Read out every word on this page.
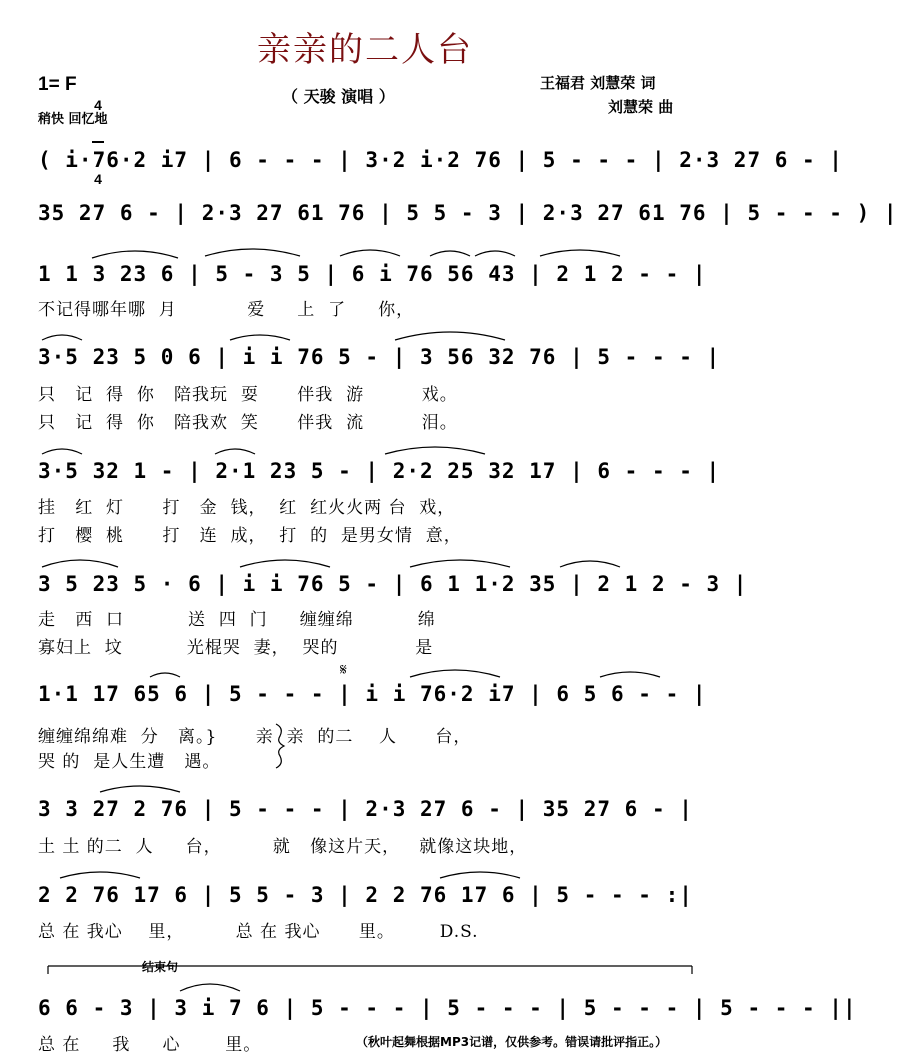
亲亲的二人台
1= F

4

4

稍快 回忆地
（ 天骏 演唱 ）
王福君 刘慧荣 词
刘慧荣 曲
( i·76·2 i7 | 6 - - - | 3·2 i·2 76 | 5 - - - | 2·3 27 6 - |
35 27 6 - | 2·3 27 61 76 | 5 5 - 3 | 2·3 27 61 76 | 5 - - - ) |
1 1 3 23 6 | 5 - 3 5 | 6 i 76 56 43 | 2 1 2 - - |
不记得哪年哪  月           爱     上  了     你，
3·5 23 5 0 6 | i i 76 5 - | 3 56 32 76 | 5 - - - |
只   记  得  你   陪我玩  耍      伴我  游         戏。
只   记  得  你   陪我欢  笑      伴我  流         泪。
3·5 32 1 - | 2·1 23 5 - | 2·2 25 32 17 | 6 - - - |
挂   红  灯      打   金  钱，  红  红火火两 台  戏，
打   樱  桃      打   连  成，  打  的  是男女情  意，
3 5 23 5 · 6 | i i 76 5 - | 6 1 1·2 35 | 2 1 2 - 3 |
走   西  口          送  四  门     缠缠绵          绵
寡妇上  坟          光棍哭  妻，  哭的            是
1·1 17 65 6 | 5 - - - | i i 76·2 i7 | 6 5 6 - - |
缠缠绵绵难  分   离。}      亲  亲  的二    人      台，
哭 的  是人生遭   遇。
3 3 27 2 76 | 5 - - - | 2·3 27 6 - | 35 27 6 - |
土 土 的二  人     台，        就   像这片天，   就像这块地，
2 2 76 17 6 | 5 5 - 3 | 2 2 76 17 6 | 5 - - - :|
总 在 我心    里，        总 在 我心      里。       D.S.
结束句
𝄋
6 6 - 3 | 3 i 7 6 | 5 - - - | 5 - - - | 5 - - - | 5 - - - ||
总 在     我     心       里。	（秋叶起舞根据MP3记谱，仅供参考。错误请批评指正。）
